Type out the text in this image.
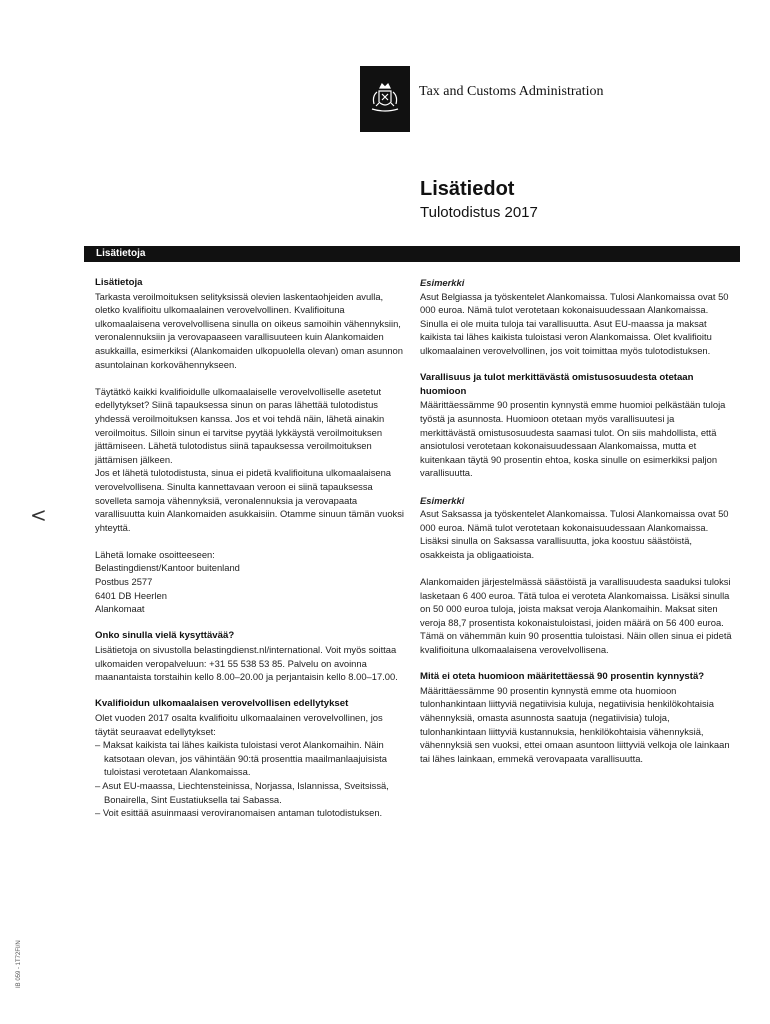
Tax and Customs Administration
Lisätiedot
Tulotodistus 2017
Lisätietoja
<
Lisätietoja

Tarkasta veroilmoituksen selityksissä olevien laskentaohjeiden avulla, oletko kvalifioitu ulkomaalainen verovelvollinen. Kvalifioituna ulkomaalaisena verovelvollisena sinulla on oikeus samoihin vähennyksiin, veronalennuksiin ja verovapaaseen varallisuuteen kuin Alankomaiden asukkailla, esimerkiksi (Alankomaiden ulkopuolella olevan) oman asunnon asuntolainan korkovähennykseen.

Täytätkö kaikki kvalifioidulle ulkomaalaiselle verovelvolliselle asetetut edellytykset? Siinä tapauksessa sinun on paras lähettää tulotodistus yhdessä veroilmoituksen kanssa. Jos et voi tehdä näin, lähetä ainakin veroilmoitus. Silloin sinun ei tarvitse pyytää lykkäystä veroilmoituksen jättämiseen. Lähetä tulotodistus siinä tapauksessa veroilmoituksen jättämisen jälkeen.

Jos et lähetä tulotodistusta, sinua ei pidetä kvalifioituna ulkomaalaisena verovelvollisena. Sinulta kannettavaan veroon ei siinä tapauksessa sovelleta samoja vähennyksiä, veronalennuksia ja verovapaata varallisuutta kuin Alankomaiden asukkaisiin. Otamme sinuun tämän vuoksi yhteyttä.

Lähetä lomake osoitteeseen:

Belastingdienst/Kantoor buitenland

Postbus 2577

6401 DB Heerlen

Alankomaat

Onko sinulla vielä kysyttävää?

Lisätietoja on sivustolla belastingdienst.nl/international. Voit myös soittaa ulkomaiden veropalveluun: +31 55 538 53 85. Palvelu on avoinna maanantaista torstaihin kello 8.00–20.00 ja perjantaisin kello 8.00–17.00.

Kvalifioidun ulkomaalaisen verovelvollisen edellytykset

Olet vuoden 2017 osalta kvalifioitu ulkomaalainen verovelvollinen, jos täytät seuraavat edellytykset:

– Maksat kaikista tai lähes kaikista tuloistasi verot Alankomaihin. Näin katsotaan olevan, jos vähintään 90:tä prosenttia maailmanlaajuisista tuloistasi verotetaan Alankomaissa.
– Asut EU-maassa, Liechtensteinissa, Norjassa, Islannissa, Sveitsissä, Bonairella, Sint Eustatiuksella tai Sabassa.
– Voit esittää asuinmaasi veroviranomaisen antaman tulotodistuksen.

Esimerkki

Asut Belgiassa ja työskentelet Alankomaissa. Tulosi Alankomaissa ovat 50 000 euroa. Nämä tulot verotetaan kokonaisuudessaan Alankomaissa. Sinulla ei ole muita tuloja tai varallisuutta. Asut EU-maassa ja maksat kaikista tai lähes kaikista tuloistasi veron Alankomaissa. Olet kvalifioitu ulkomaalainen verovelvollinen, jos voit toimittaa myös tulotodistuksen.

Varallisuus ja tulot merkittävästä omistusosuudesta otetaan huomioon

Määrittäessämme 90 prosentin kynnystä emme huomioi pelkästään tuloja työstä ja asunnosta. Huomioon otetaan myös varallisuutesi ja merkittävästä omistusosuudesta saamasi tulot. On siis mahdollista, että ansiotulosi verotetaan kokonaisuudessaan Alankomaissa, mutta et kuitenkaan täytä 90 prosentin ehtoa, koska sinulle on esimerkiksi paljon varallisuutta.

Esimerkki

Asut Saksassa ja työskentelet Alankomaissa. Tulosi Alankomaissa ovat 50 000 euroa. Nämä tulot verotetaan kokonaisuudessaan Alankomaissa. Lisäksi sinulla on Saksassa varallisuutta, joka koostuu säästöistä, osakkeista ja obligaatioista.

Alankomaiden järjestelmässä säästöistä ja varallisuudesta saaduksi tuloksi lasketaan 6 400 euroa. Tätä tuloa ei veroteta Alankomaissa. Lisäksi sinulla on 50 000 euroa tuloja, joista maksat veroja Alankomaihin. Maksat siten veroja 88,7 prosentista kokonaistuloistasi, joiden määrä on 56 400 euroa. Tämä on vähemmän kuin 90 prosenttia tuloistasi. Näin ollen sinua ei pidetä kvalifioituna ulkomaalaisena verovelvollisena.

Mitä ei oteta huomioon määritettäessä 90 prosentin kynnystä?

Määrittäessämme 90 prosentin kynnystä emme ota huomioon tulonhankintaan liittyviä negatiivisia kuluja, negatiivisia henkilökohtaisia vähennyksiä, omasta asunnosta saatuja (negatiivisia) tuloja, tulonhankintaan liittyviä kustannuksia, henkilökohtaisia vähennyksiä, vähennyksiä sen vuoksi, ettei omaan asuntoon liittyviä velkoja ole lainkaan tai lähes lainkaan, emmekä verovapaata varallisuutta.

IB 059 - 1T72FI/N
